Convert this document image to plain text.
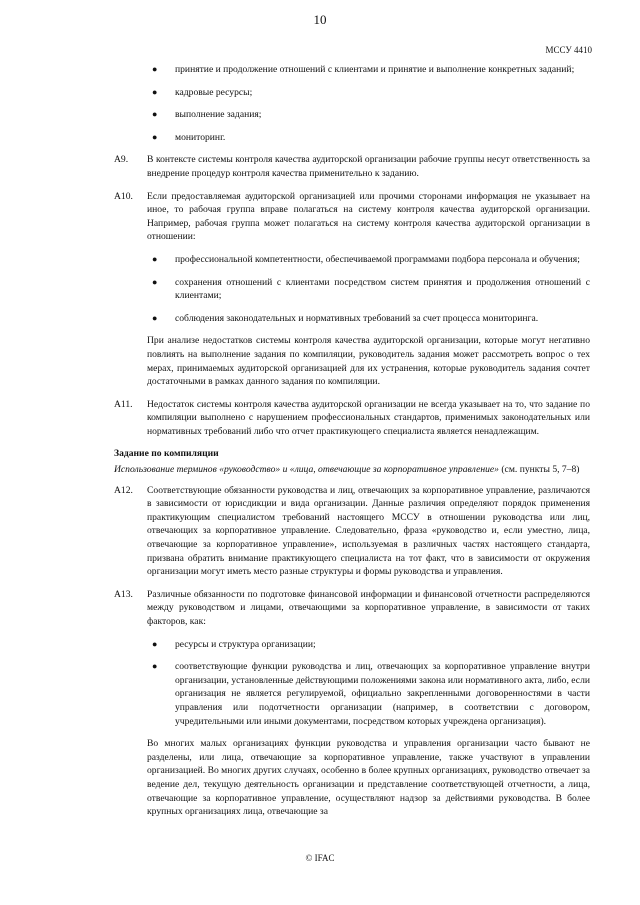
10
МССУ 4410
● принятие и продолжение отношений с клиентами и принятие и выполнение конкретных заданий;
● кадровые ресурсы;
● выполнение задания;
● мониторинг.
A9. В контексте системы контроля качества аудиторской организации рабочие группы несут ответственность за внедрение процедур контроля качества применительно к заданию.
A10. Если предоставляемая аудиторской организацией или прочими сторонами информация не указывает на иное, то рабочая группа вправе полагаться на систему контроля качества аудиторской организации. Например, рабочая группа может полагаться на систему контроля качества аудиторской организации в отношении:
● профессиональной компетентности, обеспечиваемой программами подбора персонала и обучения;
● сохранения отношений с клиентами посредством систем принятия и продолжения отношений с клиентами;
● соблюдения законодательных и нормативных требований за счет процесса мониторинга.
При анализе недостатков системы контроля качества аудиторской организации, которые могут негативно повлиять на выполнение задания по компиляции, руководитель задания может рассмотреть вопрос о тех мерах, принимаемых аудиторской организацией для их устранения, которые руководитель задания сочтет достаточными в рамках данного задания по компиляции.
A11. Недостаток системы контроля качества аудиторской организации не всегда указывает на то, что задание по компиляции выполнено с нарушением профессиональных стандартов, применимых законодательных или нормативных требований либо что отчет практикующего специалиста является ненадлежащим.
Задание по компиляции
Использование терминов «руководство» и «лица, отвечающие за корпоративное управление» (см. пункты 5, 7–8)
A12. Соответствующие обязанности руководства и лиц, отвечающих за корпоративное управление, различаются в зависимости от юрисдикции и вида организации. Данные различия определяют порядок применения практикующим специалистом требований настоящего МССУ в отношении руководства или лиц, отвечающих за корпоративное управление. Следовательно, фраза «руководство и, если уместно, лица, отвечающие за корпоративное управление», используемая в различных частях настоящего стандарта, призвана обратить внимание практикующего специалиста на тот факт, что в зависимости от окружения организации могут иметь место разные структуры и формы руководства и управления.
A13. Различные обязанности по подготовке финансовой информации и финансовой отчетности распределяются между руководством и лицами, отвечающими за корпоративное управление, в зависимости от таких факторов, как:
● ресурсы и структура организации;
● соответствующие функции руководства и лиц, отвечающих за корпоративное управление внутри организации, установленные действующими положениями закона или нормативного акта, либо, если организация не является регулируемой, официально закрепленными договоренностями в части управления или подотчетности организации (например, в соответствии с договором, учредительными или иными документами, посредством которых учреждена организация).
Во многих малых организациях функции руководства и управления организации часто бывают не разделены, или лица, отвечающие за корпоративное управление, также участвуют в управлении организацией. Во многих других случаях, особенно в более крупных организациях, руководство отвечает за ведение дел, текущую деятельность организации и представление соответствующей отчетности, а лица, отвечающие за корпоративное управление, осуществляют надзор за действиями руководства. В более крупных организациях лица, отвечающие за
© IFAC
